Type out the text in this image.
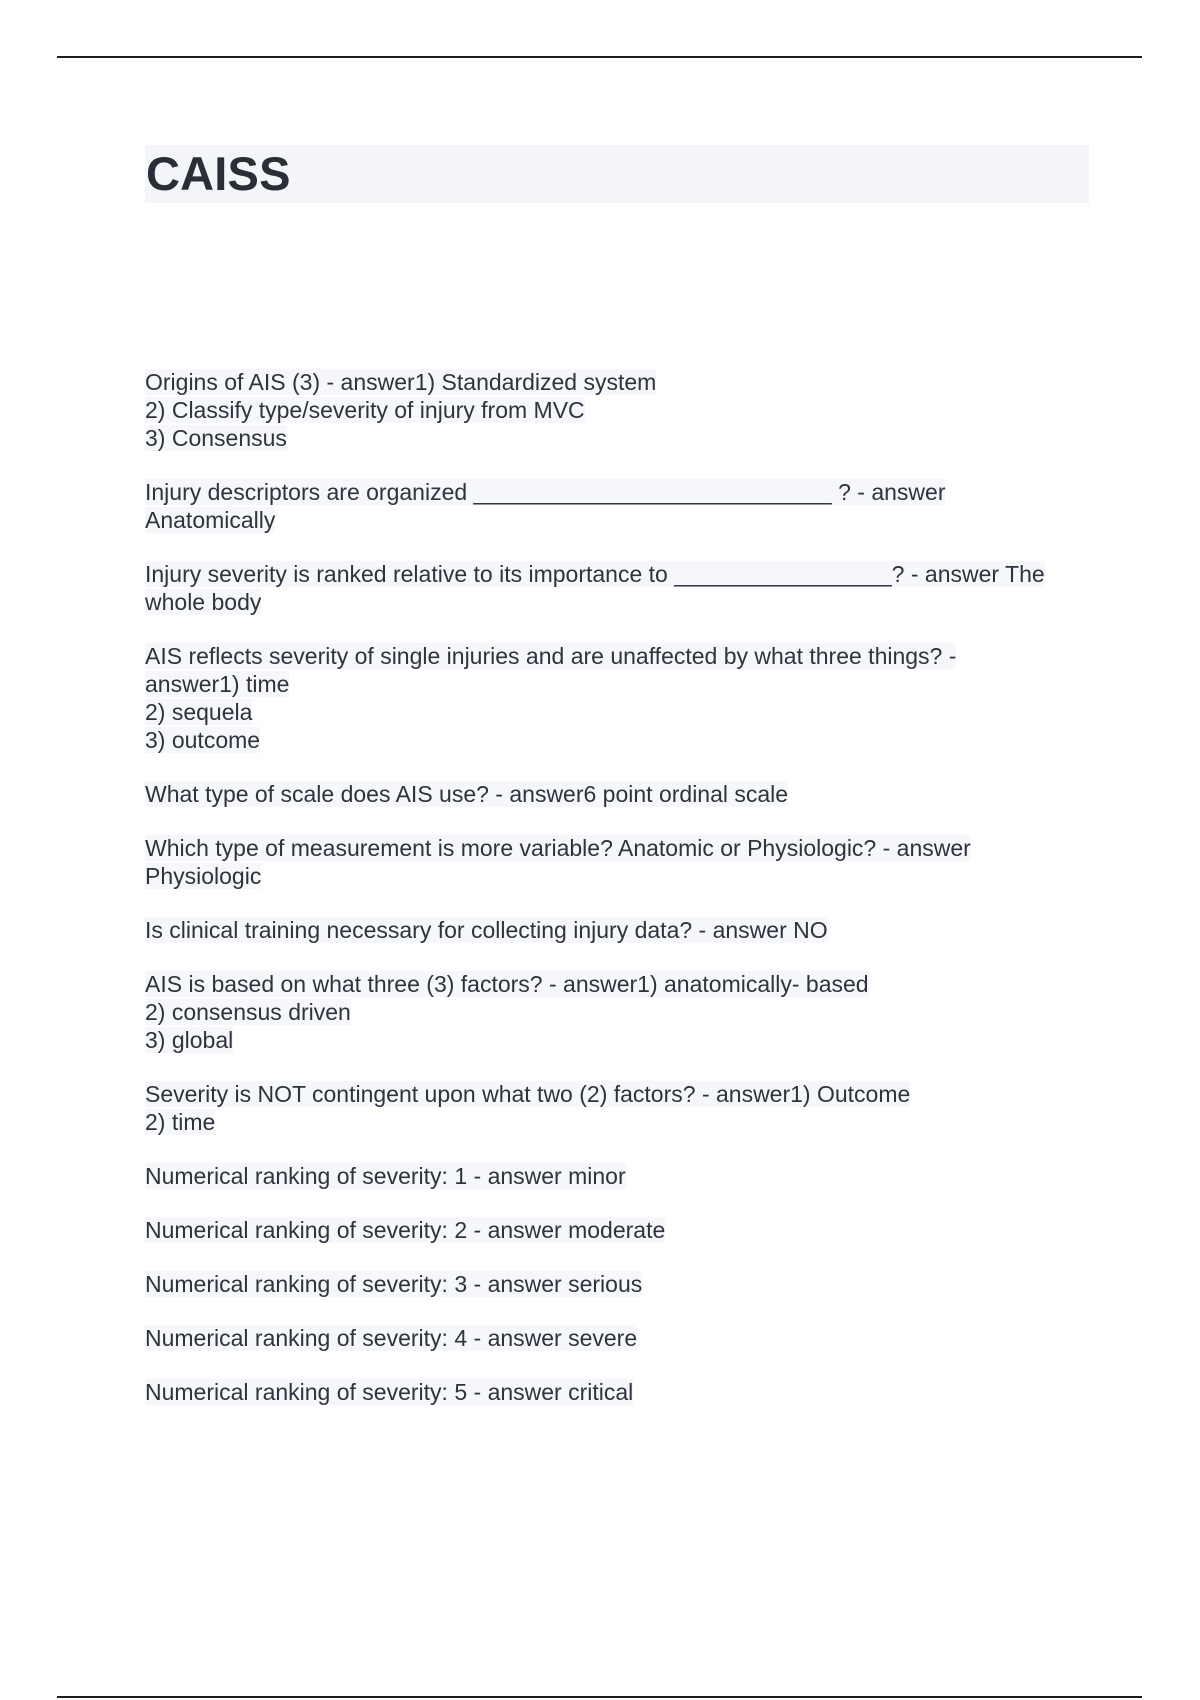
CAISS

Origins of AIS (3) - answer1) Standardized system
2) Classify type/severity of injury from MVC
3) Consensus

Injury descriptors are organized ____________________________ ? - answer
Anatomically

Injury severity is ranked relative to its importance to _________________? - answer The
whole body

AIS reflects severity of single injuries and are unaffected by what three things? -
answer1) time
2) sequela
3) outcome

What type of scale does AIS use? - answer6 point ordinal scale

Which type of measurement is more variable? Anatomic or Physiologic? - answer
Physiologic

Is clinical training necessary for collecting injury data? - answer NO

AIS is based on what three (3) factors? - answer1) anatomically- based
2) consensus driven
3) global

Severity is NOT contingent upon what two (2) factors? - answer1) Outcome
2) time

Numerical ranking of severity: 1 - answer minor

Numerical ranking of severity: 2 - answer moderate

Numerical ranking of severity: 3 - answer serious

Numerical ranking of severity: 4 - answer severe

Numerical ranking of severity: 5 - answer critical
